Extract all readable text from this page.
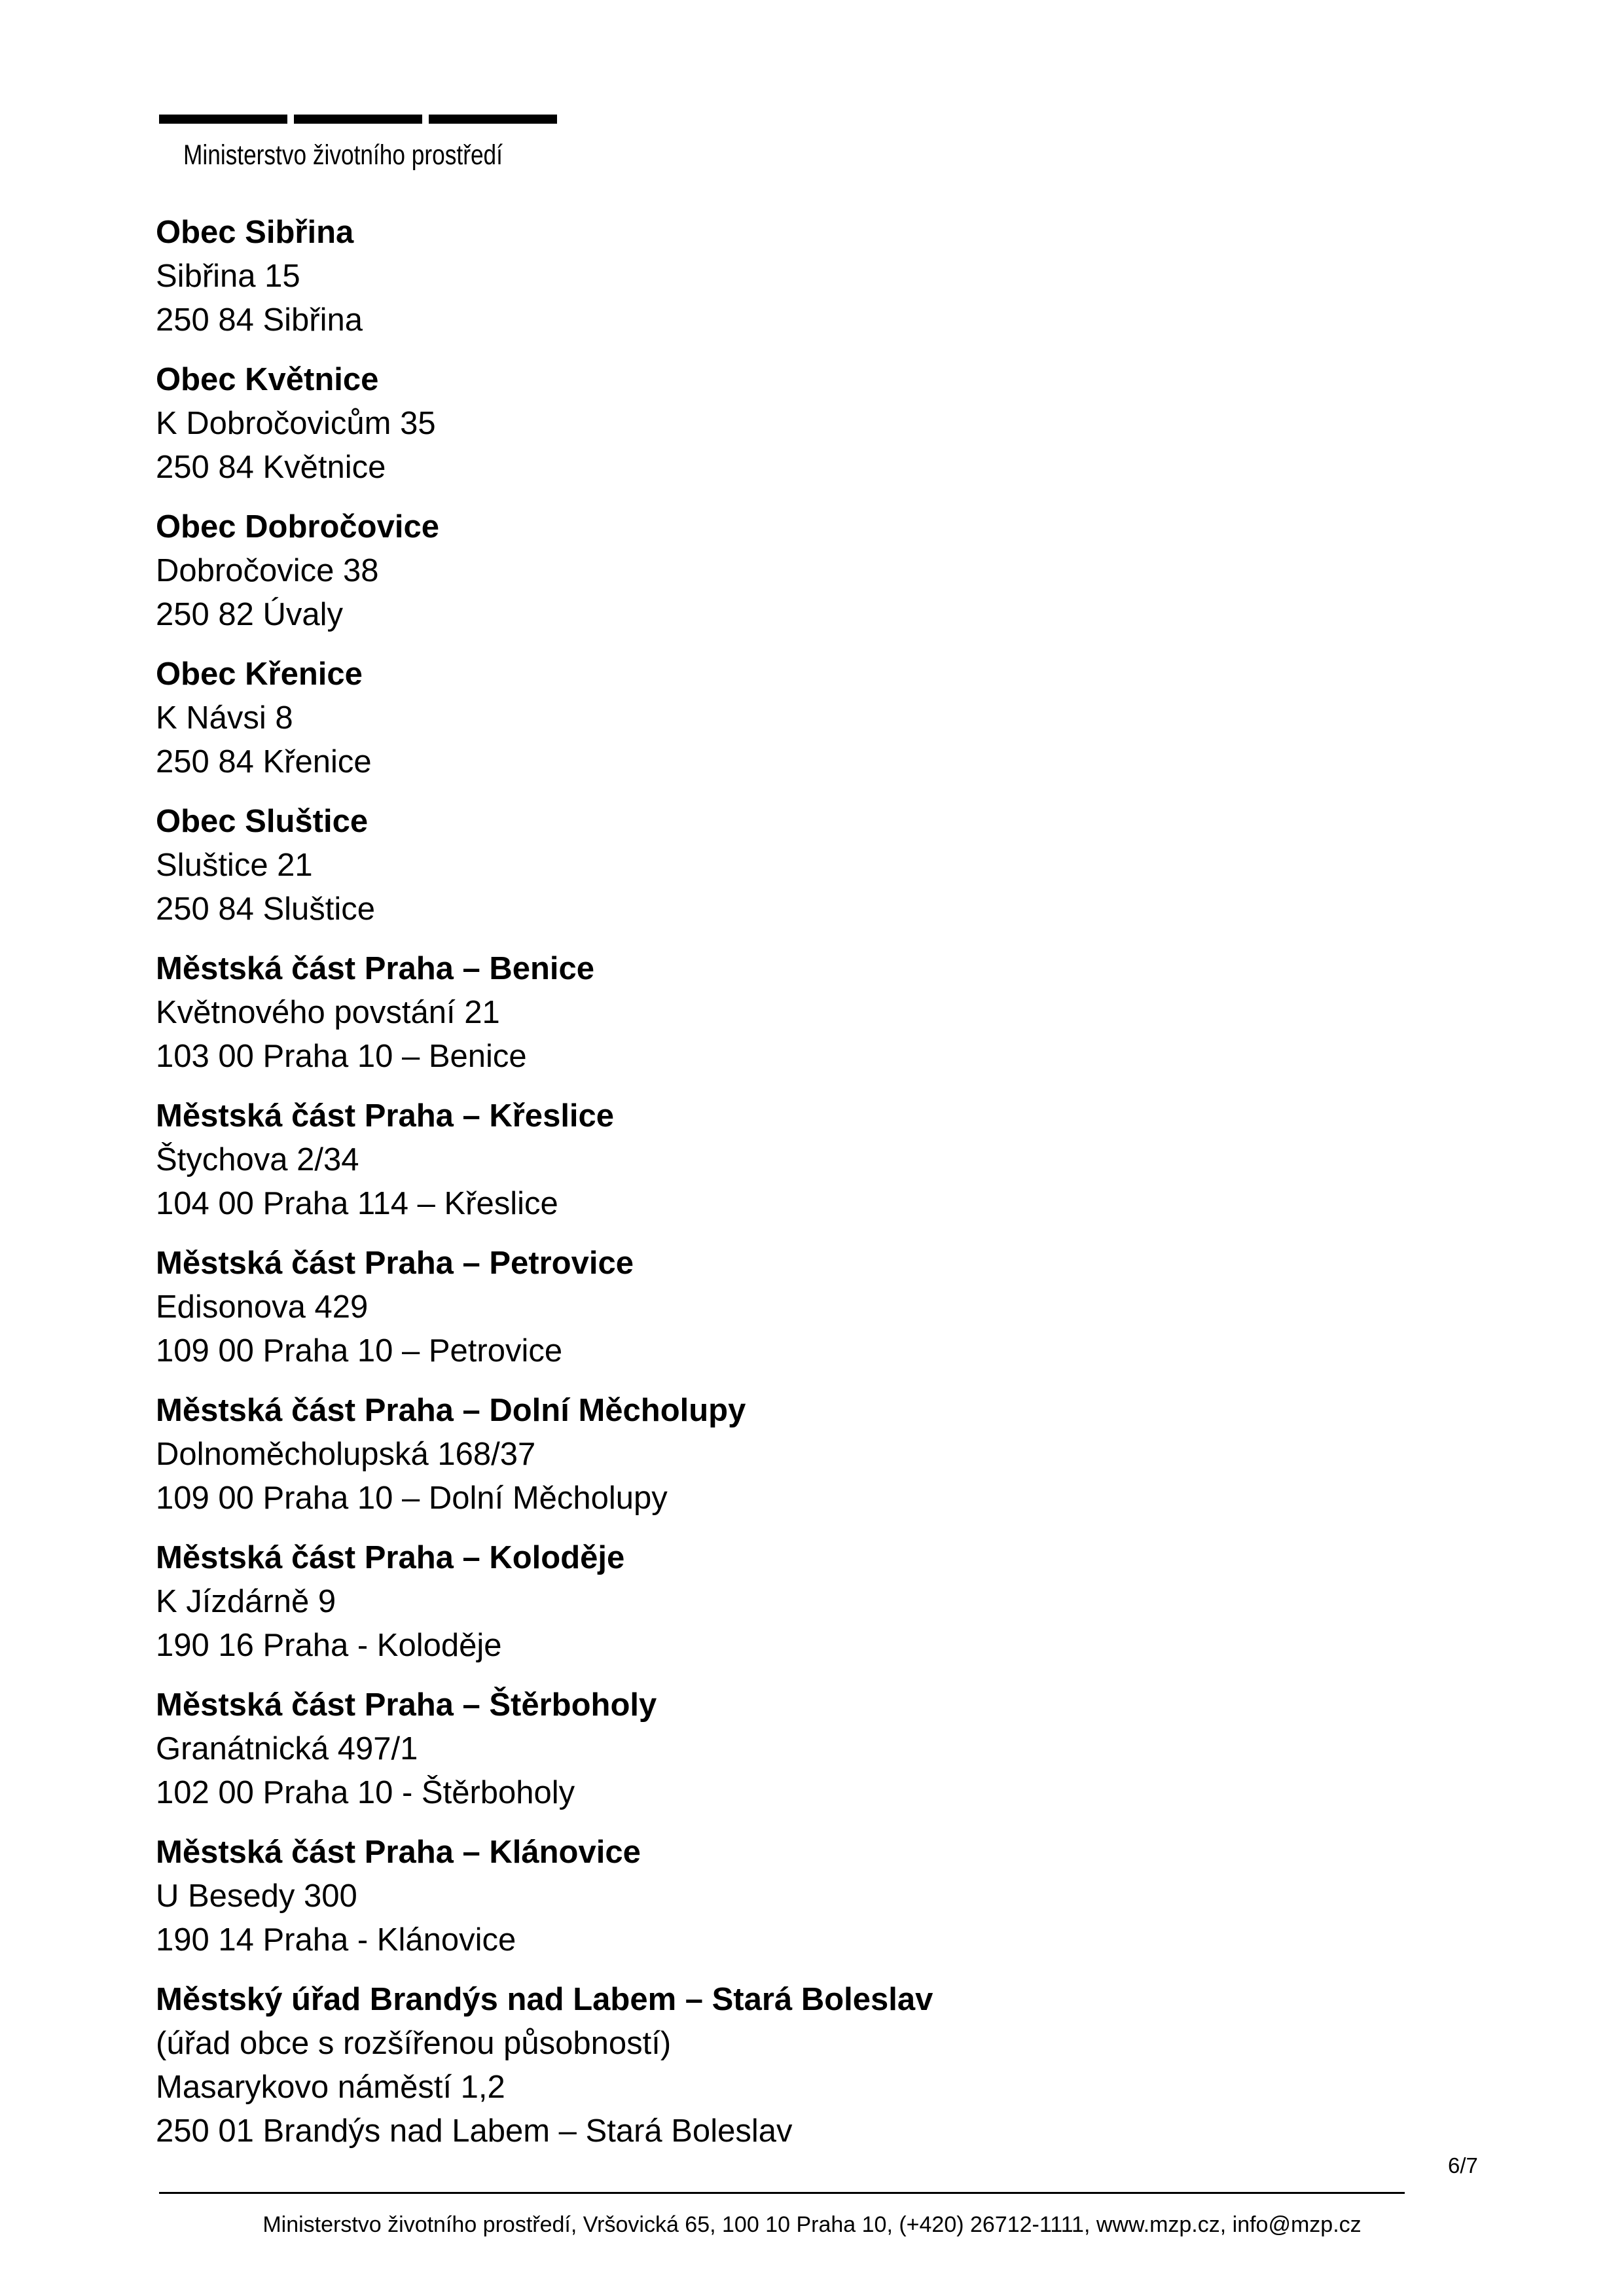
Ministerstvo životního prostředí
Obec Sibřina
Sibřina 15
250 84 Sibřina
Obec Květnice
K Dobročovicům 35
250 84 Květnice
Obec Dobročovice
Dobročovice 38
250 82 Úvaly
Obec Křenice
K Návsi 8
250 84 Křenice
Obec Sluštice
Sluštice 21
250 84 Sluštice
Městská část Praha – Benice
Květnového povstání 21
103 00 Praha 10 – Benice
Městská část Praha – Křeslice
Štychova 2/34
104 00 Praha 114 – Křeslice
Městská část Praha – Petrovice
Edisonova 429
109 00 Praha 10 – Petrovice
Městská část Praha – Dolní Měcholupy
Dolnoměcholupská 168/37
109 00 Praha 10 – Dolní Měcholupy
Městská část Praha – Koloděje
K Jízdárně 9
190 16 Praha - Koloděje
Městská část Praha – Štěrboholy
Granátnická 497/1
102 00 Praha 10 - Štěrboholy
Městská část Praha – Klánovice
U Besedy 300
190 14 Praha - Klánovice
Městský úřad Brandýs nad Labem – Stará Boleslav
(úřad obce s rozšířenou působností)
Masarykovo náměstí 1,2
250 01 Brandýs nad Labem – Stará Boleslav
6/7
Ministerstvo životního prostředí, Vršovická 65, 100 10 Praha 10, (+420) 26712-1111, www.mzp.cz, info@mzp.cz
